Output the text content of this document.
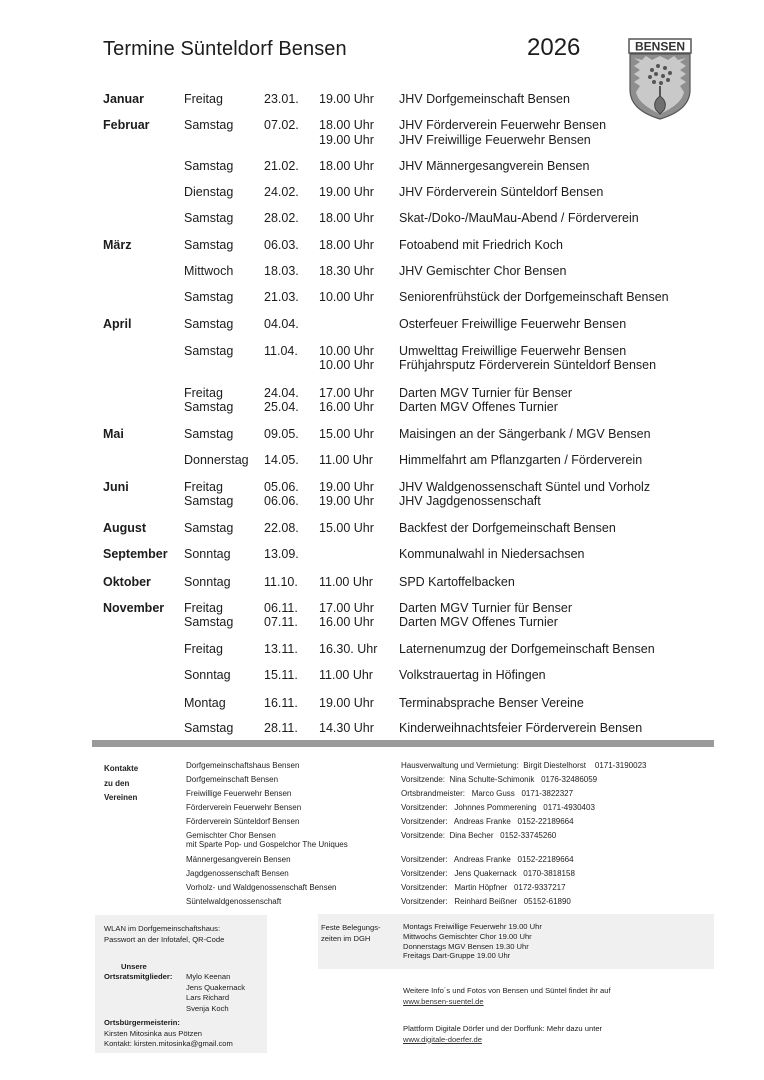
Termine Sünteldorf Bensen	2026	BENSEN
Januar	Freitag	23.01. 19.00 Uhr JHV Dorfgemeinschaft Bensen
Februar	Samstag 07.02. 18.00 Uhr JHV Förderverein Feuerwehr Bensen
19.00 Uhr JHV Freiwillige Feuerwehr Bensen
Samstag 21.02. 18.00 Uhr JHV Männergesangverein Bensen
Dienstag 24.02. 19.00 Uhr JHV Förderverein Sünteldorf Bensen
Samstag 28.02. 18.00 Uhr Skat-/Doko-/MauMau-Abend / Förderverein
März	Samstag 06.03. 18.00 Uhr Fotoabend mit Friedrich Koch
Mittwoch 18.03. 18.30 Uhr JHV Gemischter Chor Bensen
Samstag 21.03. 10.00 Uhr Seniorenfrühstück der Dorfgemeinschaft Bensen
April	Samstag 04.04.	Osterfeuer Freiwillige Feuerwehr Bensen
Samstag 11.04. 10.00 Uhr Umwelttag Freiwillige Feuerwehr Bensen
10.00 Uhr Frühjahrsputz Förderverein Sünteldorf Bensen
Freitag	24.04. 17.00 Uhr Darten MGV Turnier für Benser
Samstag 25.04. 16.00 Uhr Darten MGV Offenes Turnier
Mai	Samstag 09.05. 15.00 Uhr Maisingen an der Sängerbank / MGV Bensen
Donnerstag 14.05. 11.00 Uhr Himmelfahrt am Pflanzgarten / Förderverein
Juni	Freitag	05.06. 19.00 Uhr JHV Waldgenossenschaft Süntel und Vorholz
Samstag 06.06. 19.00 Uhr JHV Jagdgenossenschaft
August	Samstag 22.08. 15.00 Uhr Backfest der Dorfgemeinschaft Bensen
September Sonntag	13.09.	Kommunalwahl in Niedersachsen
Oktober	Sonntag	11.10. 11.00 Uhr SPD Kartoffelbacken
November Freitag	06.11. 17.00 Uhr Darten MGV Turnier für Benser
Samstag 07.11. 16.00 Uhr Darten MGV Offenes Turnier
Freitag	13.11. 16.30. Uhr Laternenumzug der Dorfgemeinschaft Bensen
Sonntag	15.11. 11.00 Uhr Volkstrauertag in Höfingen
Montag	16.11. 19.00 Uhr Terminabsprache Benser Vereine
Samstag 28.11. 14.30 Uhr Kinderweihnachtsfeier Förderverein Bensen
Kontakte
zu den
Vereinen
Dorfgemeinschaftshaus Bensen	Hausverwaltung und Vermietung:  Birgit Diestelhorst    0171-3190023
Dorfgemeinschaft Bensen	Vorsitzende:  Nina Schulte-Schimonik   0176-32486059
Freiwillige Feuerwehr Bensen	Ortsbrandmeister:   Marco Guss   0171-3822327
Förderverein Feuerwehr Bensen	Vorsitzender:   Johnnes Pommerening   0171-4930403
Förderverein Sünteldorf Bensen	Vorsitzender:   Andreas Franke   0152-22189664
Gemischter Chor Bensen
mit Sparte Pop- und Gospelchor The Uniques
Vorsitzende:  Dina Becher   0152-33745260
Männergesangverein Bensen	Vorsitzender:   Andreas Franke   0152-22189664
Jagdgenossenschaft Bensen	Vorsitzender:   Jens Quakernack   0170-3818158
Vorholz- und Waldgenossenschaft Bensen	Vorsitzender:   Martin Höpfner   0172-9337217
Süntelwaldgenossenschaft	Vorsitzender:   Reinhard Beißner   05152-61890
WLAN im Dorfgemeinschaftshaus:
Passwort an der Infotafel, QR-Code
Unsere
Ortsratsmitglieder: Mylo Keenan
Jens Quakernack
Lars Richard
Svenja Koch
Ortsbürgermeisterin:
Kirsten Mitosinka aus Pötzen
Kontakt: kirsten.mitosinka@gmail.com
Feste Belegungs-
zeiten im DGH
Montags Freiwillige Feuerwehr 19.00 Uhr
Mittwochs Gemischter Chor 19.00 Uhr
Donnerstags MGV Bensen 19.30 Uhr
Freitags Dart-Gruppe 19.00 Uhr
Weitere Info´s und Fotos von Bensen und Süntel findet ihr auf
www.bensen-suentel.de
Plattform Digitale Dörfer und der Dorffunk: Mehr dazu unter
www.digitale-doerfer.de
